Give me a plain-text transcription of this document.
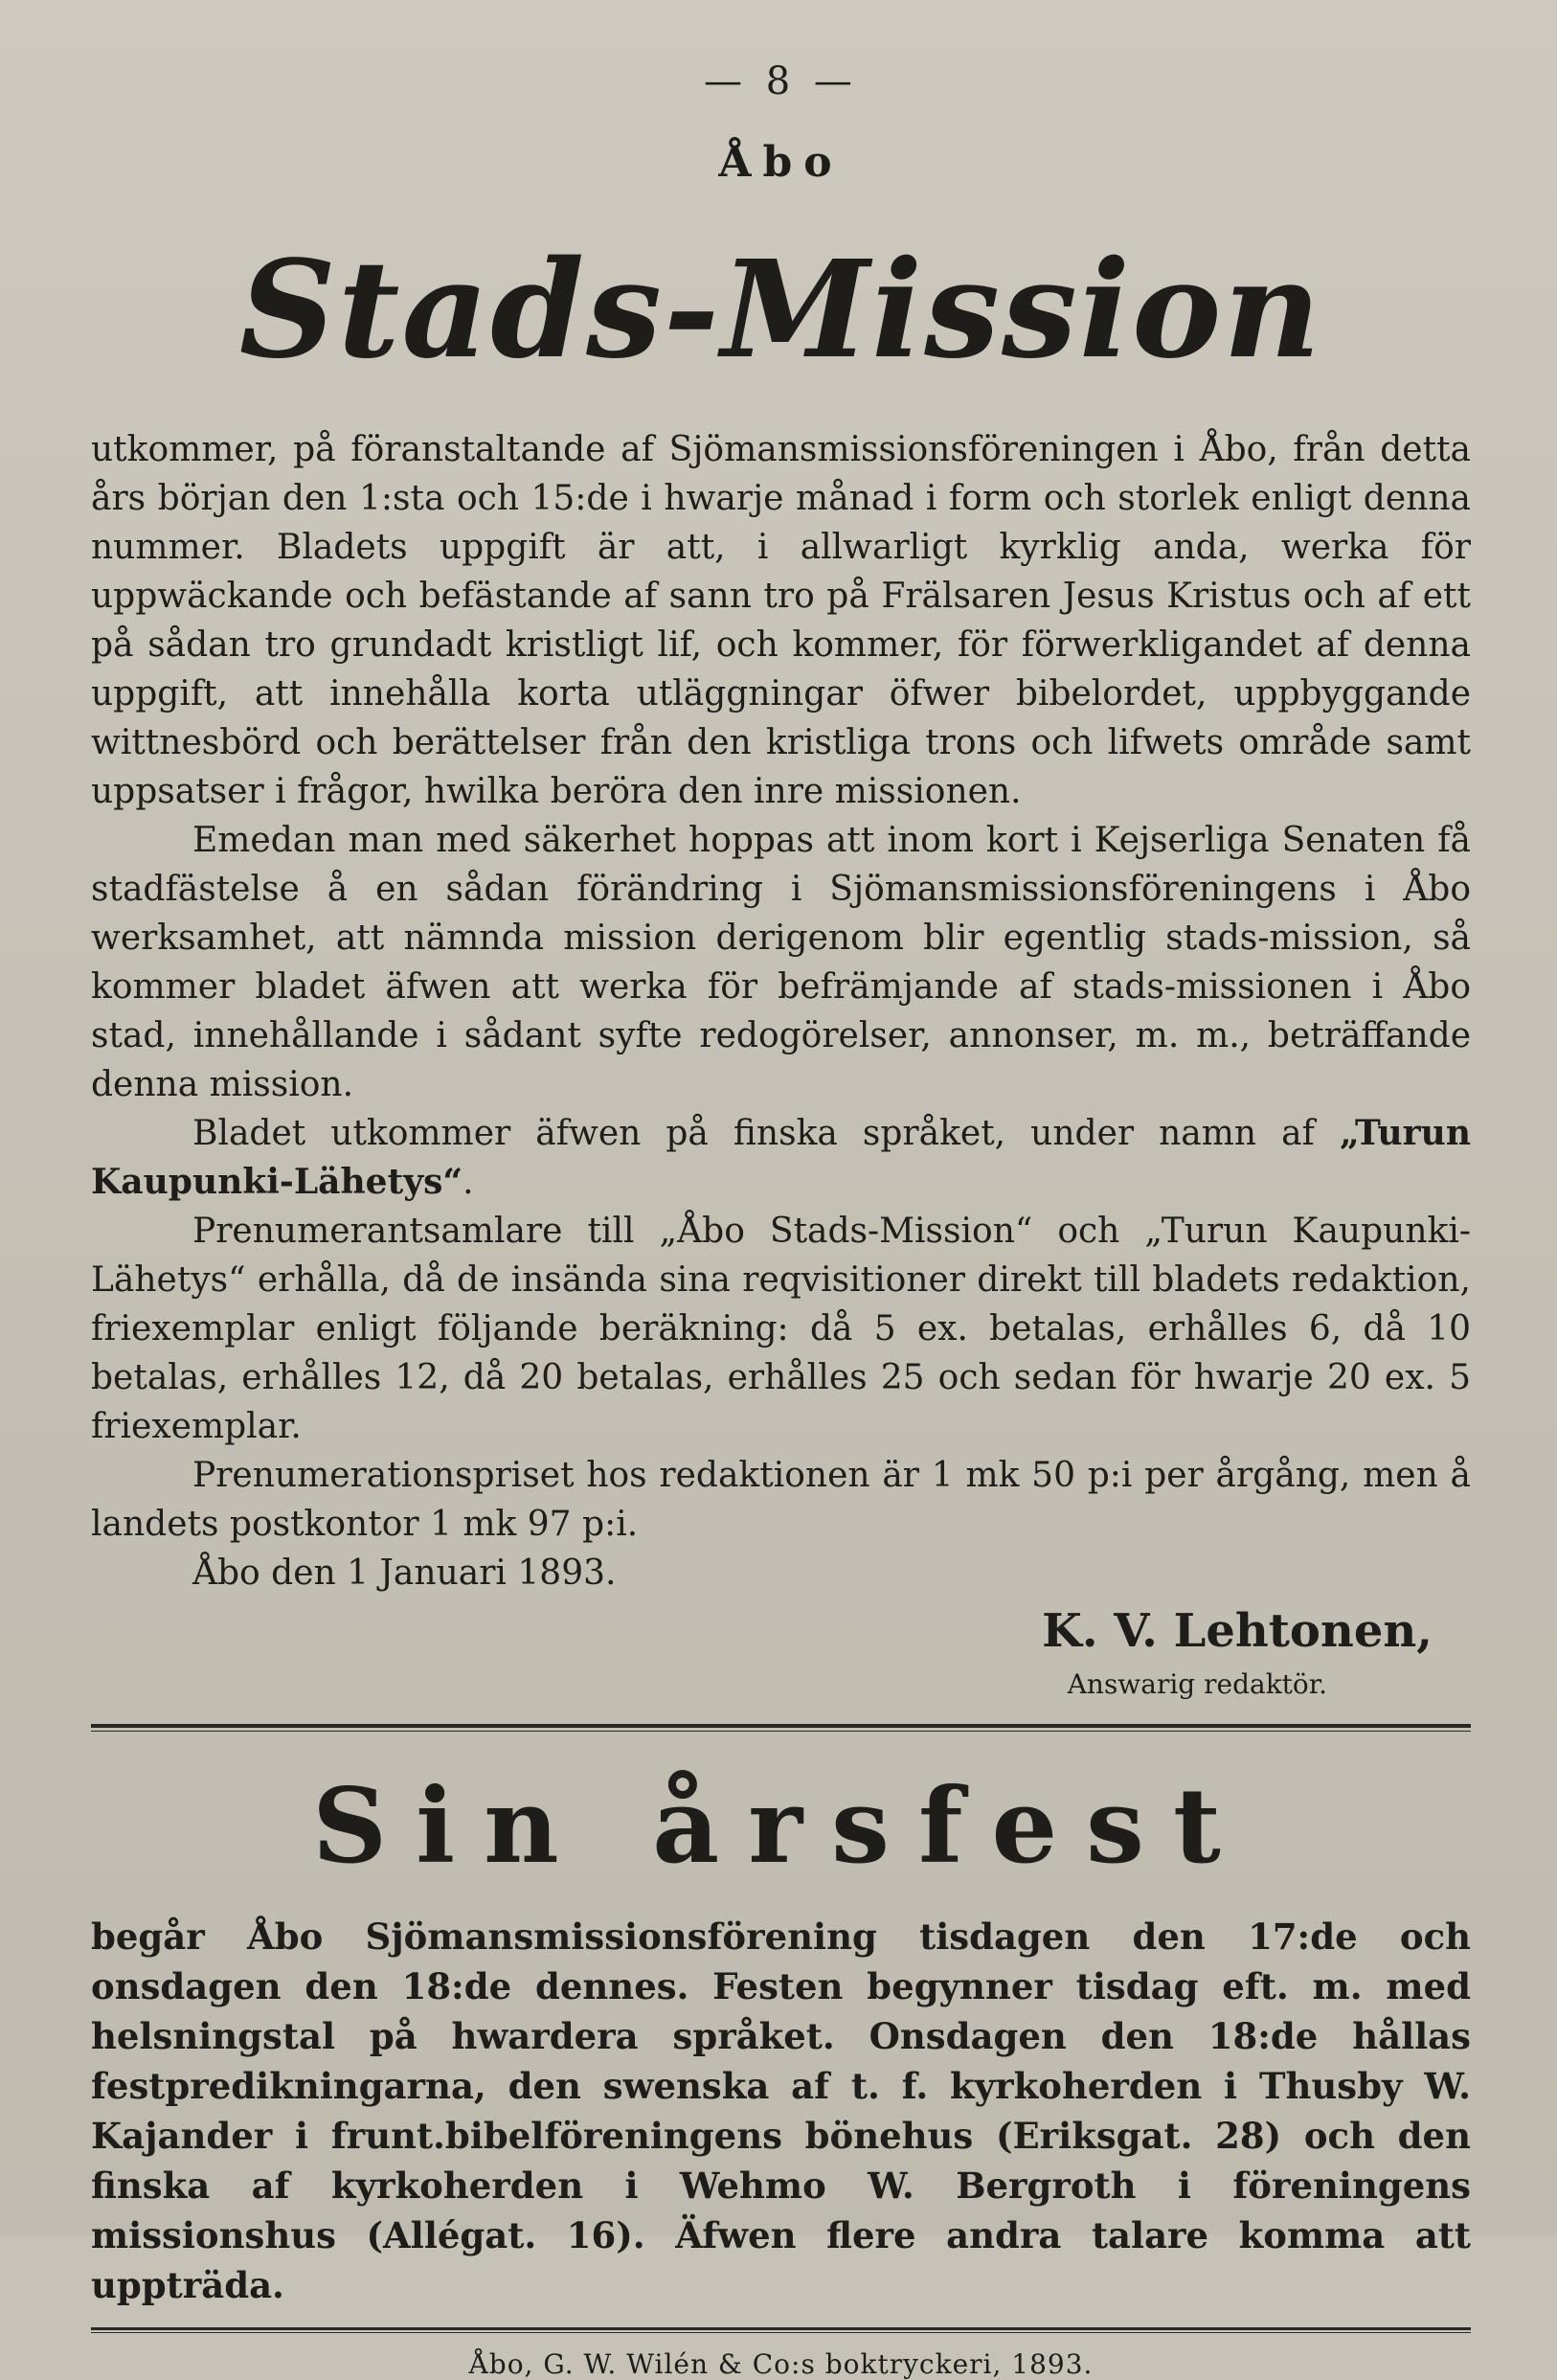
— 8 —
Åbo
Stads-Mission

utkommer, på föranstaltande af Sjömansmissionsföreningen i Åbo, från detta års början den 1:sta och 15:de i hwarje månad i form och storlek enligt denna nummer. Bladets uppgift är att, i allwarligt kyrklig anda, werka för uppwäckande och befästande af sann tro på Frälsaren Jesus Kristus och af ett på sådan tro grundadt kristligt lif, och kommer, för förwerkligandet af denna uppgift, att innehålla korta utläggningar öfwer bibelordet, uppbyggande wittnesbörd och berättelser från den kristliga trons och lifwets område samt uppsatser i frågor, hwilka beröra den inre missionen.

Emedan man med säkerhet hoppas att inom kort i Kejserliga Senaten få stadfästelse å en sådan förändring i Sjömansmissionsföreningens i Åbo werksamhet, att nämnda mission derigenom blir egentlig stads-mission, så kommer bladet äfwen att werka för befrämjande af stads-missionen i Åbo stad, innehållande i sådant syfte redogörelser, annonser, m. m., beträffande denna mission.

Bladet utkommer äfwen på finska språket, under namn af „Turun Kaupunki-Lähetys“.

Prenumerantsamlare till „Åbo Stads-Mission“ och „Turun Kaupunki-Lähetys“ erhålla, då de insända sina reqvisitioner direkt till bladets redaktion, friexemplar enligt följande beräkning: då 5 ex. betalas, erhålles 6, då 10 betalas, erhålles 12, då 20 betalas, erhålles 25 och sedan för hwarje 20 ex. 5 friexemplar.

Prenumerationspriset hos redaktionen är 1 mk 50 p:i per årgång, men å landets postkontor 1 mk 97 p:i.

Åbo den 1 Januari 1893.

K. V. Lehtonen,
Answarig redaktör.
Sin årsfest
begår Åbo Sjömansmissionsförening tisdagen den 17:de och onsdagen den 18:de dennes. Festen begynner tisdag eft. m. med helsningstal på hwardera språket. Onsdagen den 18:de hållas festpredikningarna, den swenska af t. f. kyrkoherden i Thusby W. Kajander i frunt.bibelföreningens bönehus (Eriksgat. 28) och den finska af kyrkoherden i Wehmo W. Bergroth i föreningens missionshus (Allégat. 16). Äfwen flere andra talare komma att uppträda.
Åbo, G. W. Wilén & Co:s boktryckeri, 1893.
